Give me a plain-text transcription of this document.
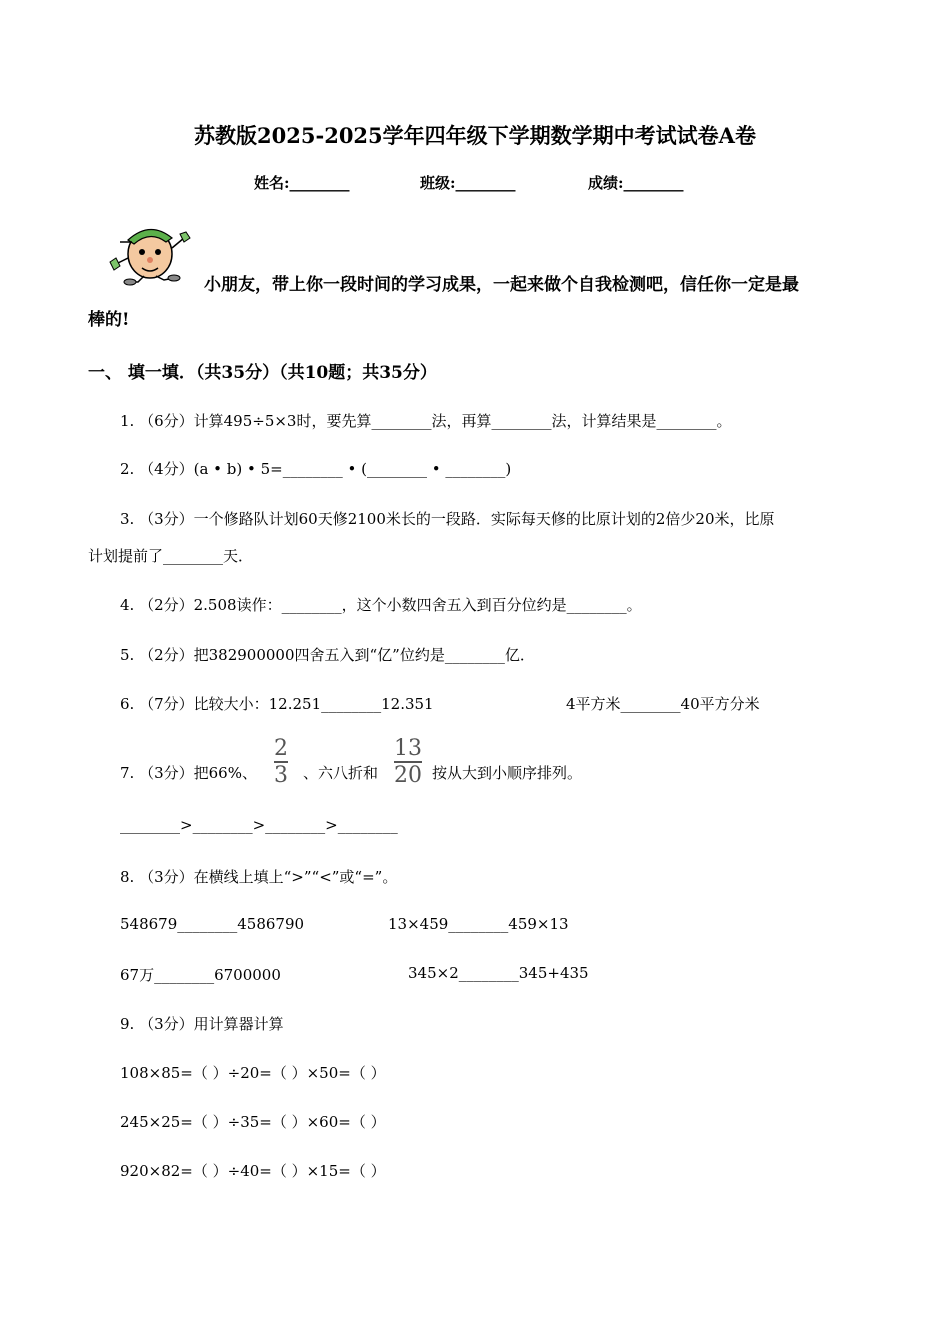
苏教版2025-2025学年四年级下学期数学期中考试试卷A卷
姓名:________	班级:________	成绩:________
小朋友，带上你一段时间的学习成果，一起来做个自我检测吧，信任你一定是最
棒的!
一、 填一填．（共35分）（共10题；共35分）
1. （6分）计算495÷5×3时，要先算________法，再算________法，计算结果是________。
2. （4分）(a • b) • 5=________ • (________ • ________)
3. （3分）一个修路队计划60天修2100米长的一段路．实际每天修的比原计划的2倍少20米，比原
计划提前了________天．
4. （2分）2.508读作：________，这个小数四舍五入到百分位约是________。
5. （2分）把382900000四舍五入到“亿”位约是________亿．
6. （7分）比较大小：12.251________12.351	4平方米________40平方分米
7. （3分）把66%、 $\frac{2}{3}$ 、六八折和 $\frac{13}{20}$ 按从大到小顺序排列。
________>________>________>________
8. （3分）在横线上填上“>”“<”或“=”。
548679________4586790	13×459________459×13
67万________6700000	345×2________345+435
9. （3分）用计算器计算
108×85=（ ）÷20=（ ）×50=（ ）
245×25=（ ）÷35=（ ）×60=（ ）
920×82=（ ）÷40=（ ）×15=（ ）
